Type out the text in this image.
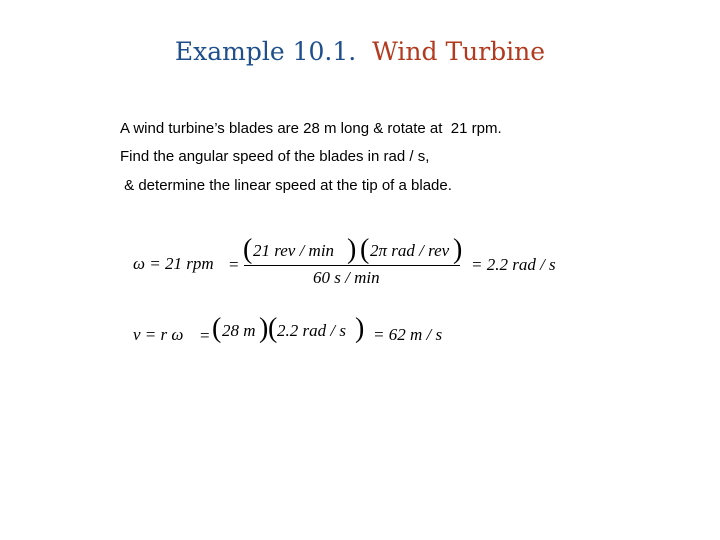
Example 10.1. Wind Turbine
A wind turbine’s blades are 28 m long & rotate at  21 rpm.
Find the angular speed of the blades in rad / s,
& determine the linear speed at the tip of a blade.
ω = 21 rpm = ( 21 rev / min ) ( 2π rad / rev )
60 s / min
= 2.2 rad / s
v = r ω = ( 28 m ) ( 2.2 rad / s ) = 62 m / s
